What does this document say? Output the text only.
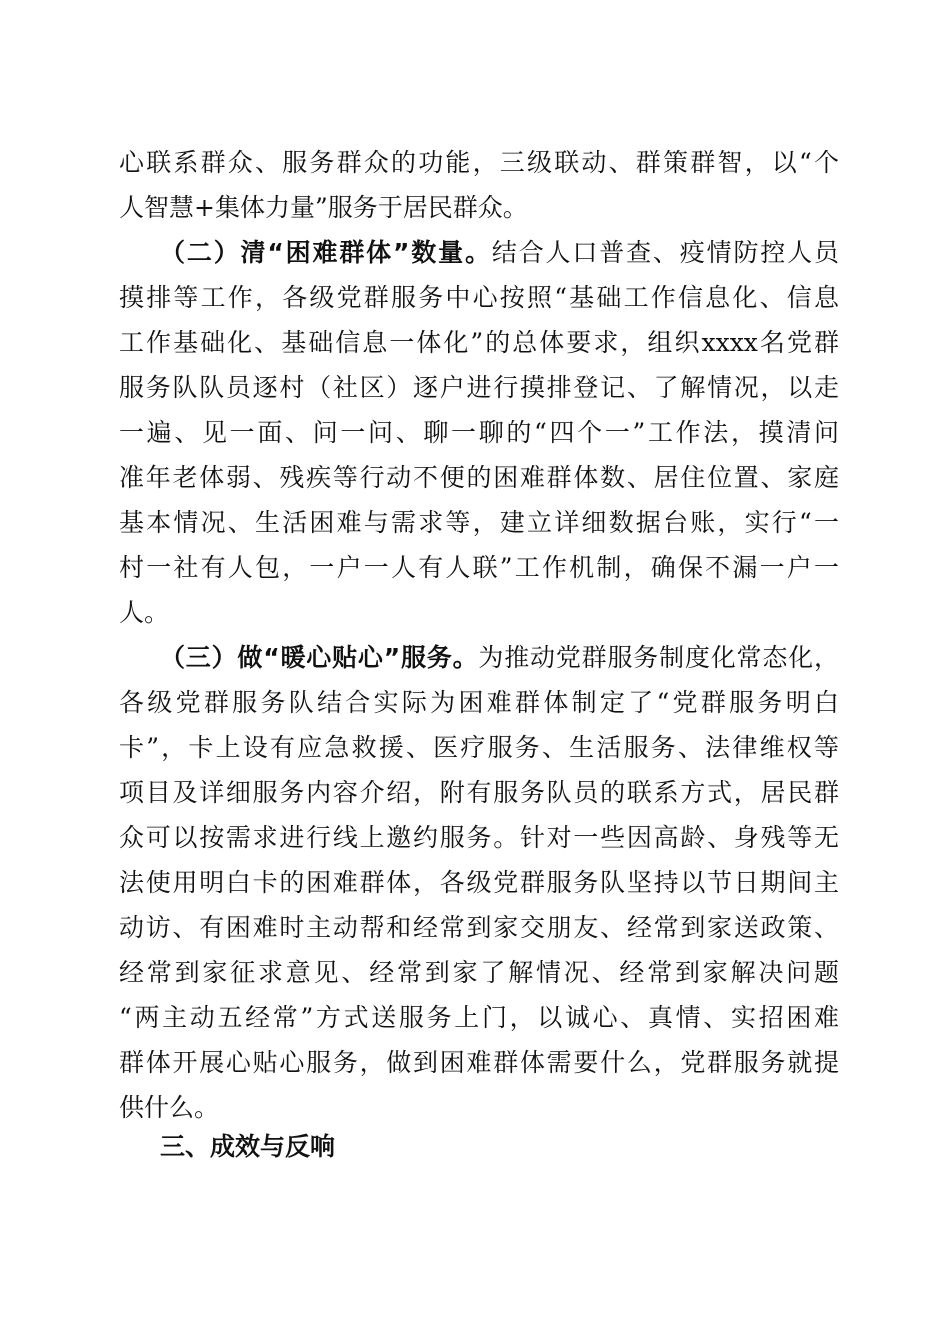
心联系群众、服务群众的功能，三级联动、群策群智，以“个
人智慧+集体力量”服务于居民群众。
（二）清“困难群体”数量。结合人口普查、疫情防控人员
摸排等工作，各级党群服务中心按照“基础工作信息化、信息
工作基础化、基础信息一体化”的总体要求，组织xxxx名党群
服务队队员逐村（社区）逐户进行摸排登记、了解情况，以走
一遍、见一面、问一问、聊一聊的“四个一”工作法，摸清问
准年老体弱、残疾等行动不便的困难群体数、居住位置、家庭
基本情况、生活困难与需求等，建立详细数据台账，实行“一
村一社有人包，一户一人有人联”工作机制，确保不漏一户一
人。
（三）做“暖心贴心”服务。为推动党群服务制度化常态化，
各级党群服务队结合实际为困难群体制定了“党群服务明白
卡”，卡上设有应急救援、医疗服务、生活服务、法律维权等
项目及详细服务内容介绍，附有服务队员的联系方式，居民群
众可以按需求进行线上邀约服务。针对一些因高龄、身残等无
法使用明白卡的困难群体，各级党群服务队坚持以节日期间主
动访、有困难时主动帮和经常到家交朋友、经常到家送政策、
经常到家征求意见、经常到家了解情况、经常到家解决问题
“两主动五经常”方式送服务上门，以诚心、真情、实招困难
群体开展心贴心服务，做到困难群体需要什么，党群服务就提
供什么。
三、成效与反响
